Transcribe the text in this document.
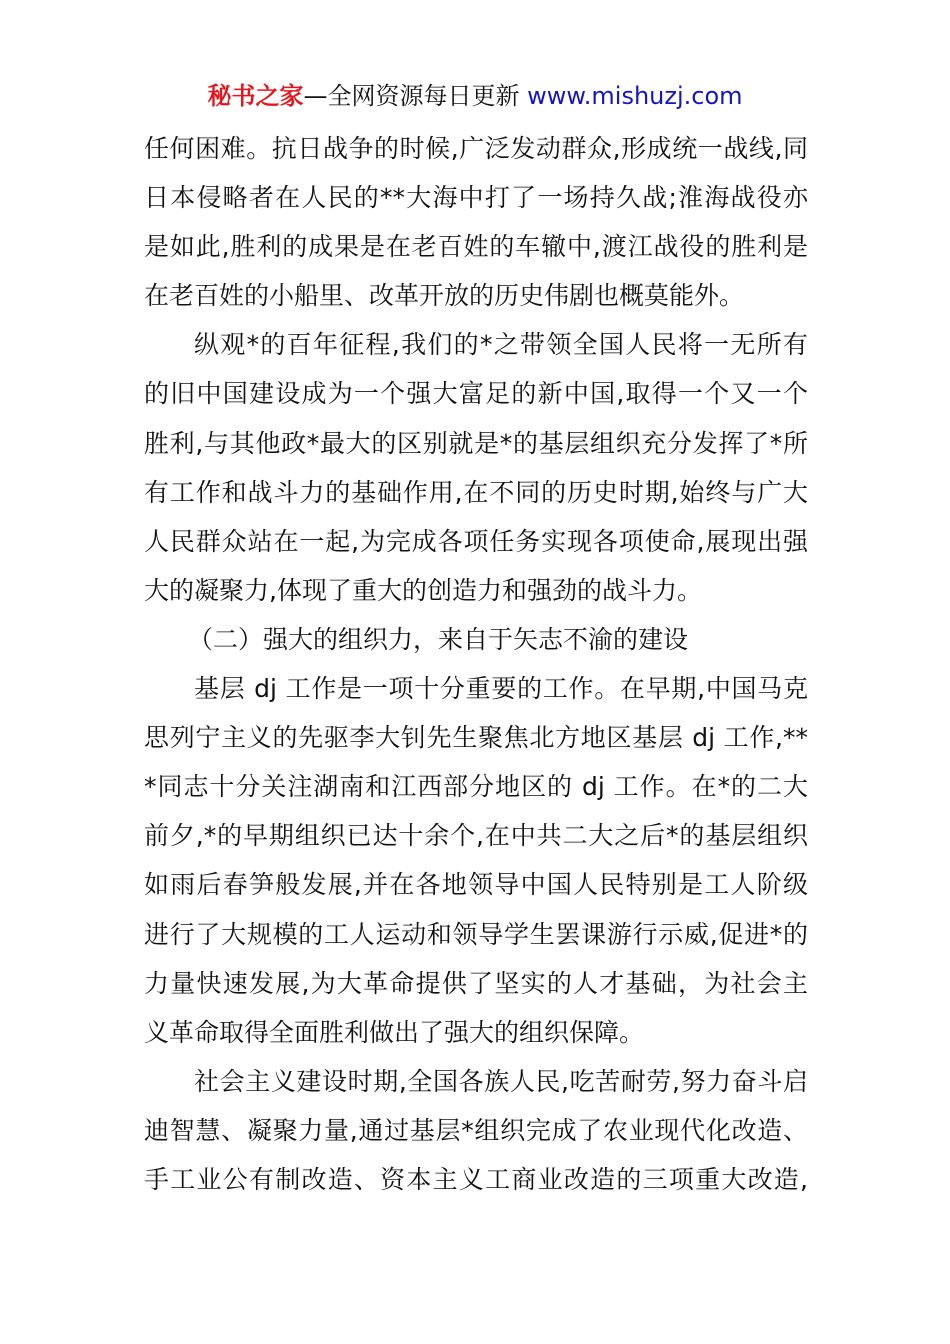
秘书之家—全网资源每日更新 www.mishuzj.com
任何困难。抗日战争的时候,广泛发动群众,形成统一战线,同
日本侵略者在人民的**大海中打了一场持久战;淮海战役亦
是如此,胜利的成果是在老百姓的车辙中,渡江战役的胜利是
在老百姓的小船里、改革开放的历史伟剧也概莫能外。
纵观*的百年征程,我们的*之带领全国人民将一无所有
的旧中国建设成为一个强大富足的新中国,取得一个又一个
胜利,与其他政*最大的区别就是*的基层组织充分发挥了*所
有工作和战斗力的基础作用,在不同的历史时期,始终与广大
人民群众站在一起,为完成各项任务实现各项使命,展现出强
大的凝聚力,体现了重大的创造力和强劲的战斗力。
（二）强大的组织力，来自于矢志不渝的建设
基层 dj 工作是一项十分重要的工作。在早期,中国马克
思列宁主义的先驱李大钊先生聚焦北方地区基层 dj 工作,**
*同志十分关注湖南和江西部分地区的 dj 工作。在*的二大
前夕,*的早期组织已达十余个,在中共二大之后*的基层组织
如雨后春笋般发展,并在各地领导中国人民特别是工人阶级
进行了大规模的工人运动和领导学生罢课游行示威,促进*的
力量快速发展,为大革命提供了坚实的人才基础，为社会主
义革命取得全面胜利做出了强大的组织保障。
社会主义建设时期,全国各族人民,吃苦耐劳,努力奋斗启
迪智慧、凝聚力量,通过基层*组织完成了农业现代化改造、
手工业公有制改造、资本主义工商业改造的三项重大改造,
